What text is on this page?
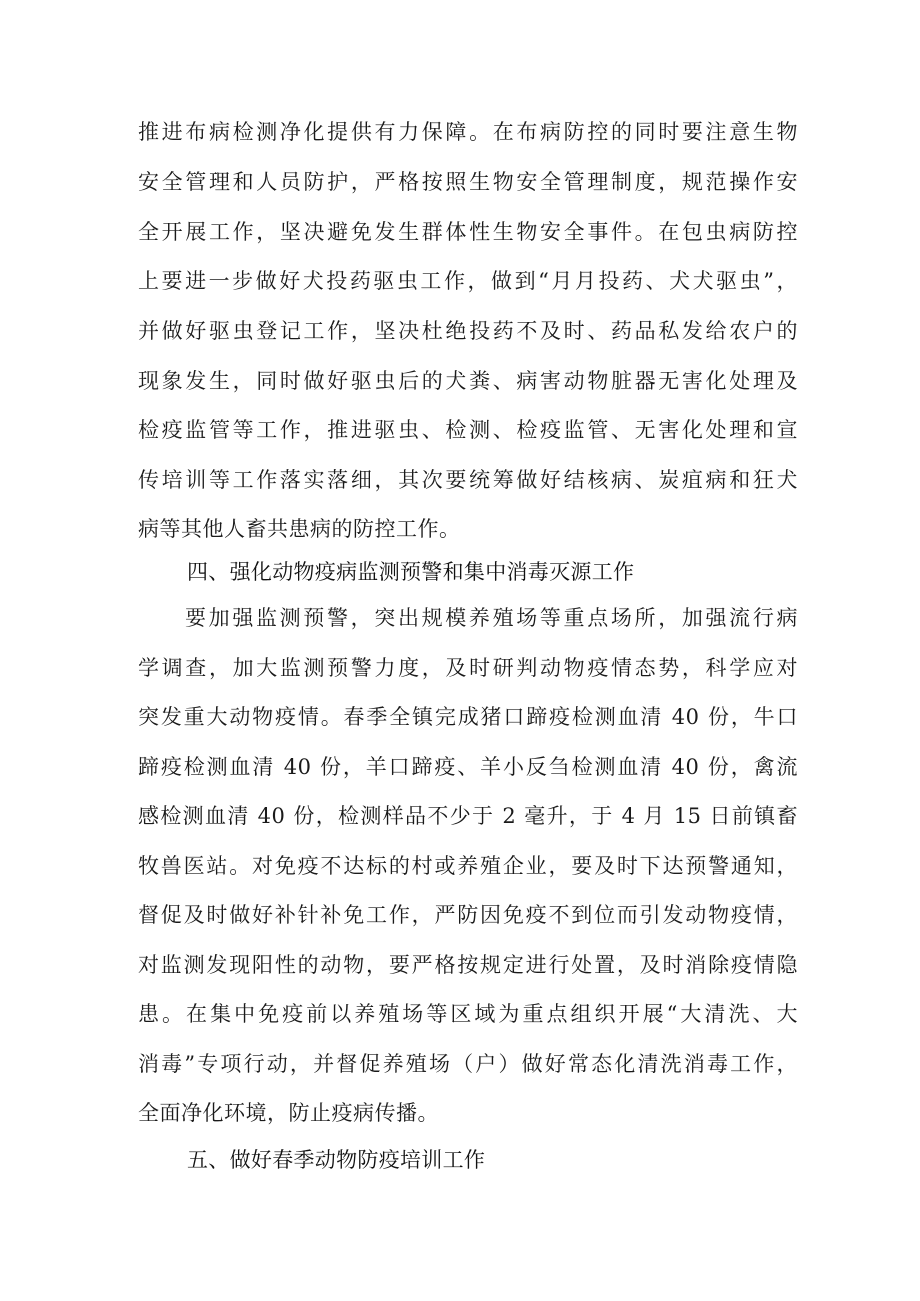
推进布病检测净化提供有力保障。在布病防控的同时要注意生物
安全管理和人员防护，严格按照生物安全管理制度，规范操作安
全开展工作，坚决避免发生群体性生物安全事件。在包虫病防控
上要进一步做好犬投药驱虫工作，做到“月月投药、犬犬驱虫”，
并做好驱虫登记工作，坚决杜绝投药不及时、药品私发给农户的
现象发生，同时做好驱虫后的犬粪、病害动物脏器无害化处理及
检疫监管等工作，推进驱虫、检测、检疫监管、无害化处理和宣
传培训等工作落实落细，其次要统筹做好结核病、炭疽病和狂犬
病等其他人畜共患病的防控工作。
四、强化动物疫病监测预警和集中消毒灭源工作
要加强监测预警，突出规模养殖场等重点场所，加强流行病
学调查，加大监测预警力度，及时研判动物疫情态势，科学应对
突发重大动物疫情。春季全镇完成猪口蹄疫检测血清 40 份，牛口
蹄疫检测血清 40 份，羊口蹄疫、羊小反刍检测血清 40 份，禽流
感检测血清 40 份，检测样品不少于 2 毫升，于 4 月 15 日前镇畜
牧兽医站。对免疫不达标的村或养殖企业，要及时下达预警通知，
督促及时做好补针补免工作，严防因免疫不到位而引发动物疫情，
对监测发现阳性的动物，要严格按规定进行处置，及时消除疫情隐
患。在集中免疫前以养殖场等区域为重点组织开展“大清洗、大
消毒”专项行动，并督促养殖场（户）做好常态化清洗消毒工作，
全面净化环境，防止疫病传播。
五、做好春季动物防疫培训工作
